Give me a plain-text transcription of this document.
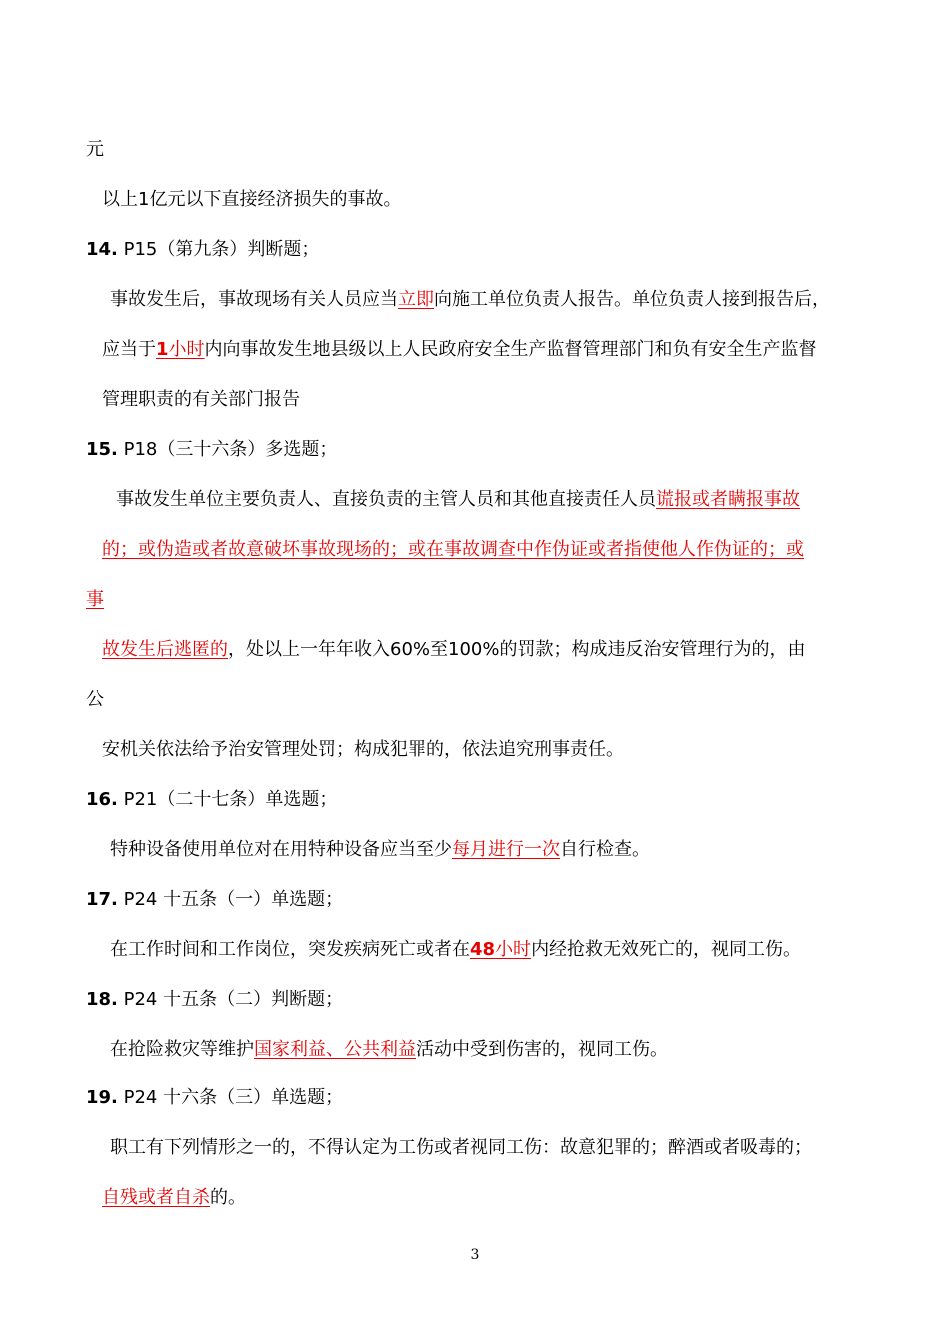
元

以上1亿元以下直接经济损失的事故。

14. P15（第九条）判断题；

事故发生后，事故现场有关人员应当立即向施工单位负责人报告。单位负责人接到报告后，

应当于1小时内向事故发生地县级以上人民政府安全生产监督管理部门和负有安全生产监督

管理职责的有关部门报告

15. P18（三十六条）多选题；

事故发生单位主要负责人、直接负责的主管人员和其他直接责任人员谎报或者瞒报事故

的；或伪造或者故意破坏事故现场的；或在事故调查中作伪证或者指使他人作伪证的；或

事

故发生后逃匿的，处以上一年年收入60%至100%的罚款；构成违反治安管理行为的，由

公

安机关依法给予治安管理处罚；构成犯罪的，依法追究刑事责任。

16. P21（二十七条）单选题；

特种设备使用单位对在用特种设备应当至少每月进行一次自行检查。

17. P24 十五条（一）单选题；

在工作时间和工作岗位，突发疾病死亡或者在48小时内经抢救无效死亡的，视同工伤。

18. P24 十五条（二）判断题；

在抢险救灾等维护国家利益、公共利益活动中受到伤害的，视同工伤。

19. P24 十六条（三）单选题；

职工有下列情形之一的，不得认定为工伤或者视同工伤：故意犯罪的；醉酒或者吸毒的；

自残或者自杀的。

3
